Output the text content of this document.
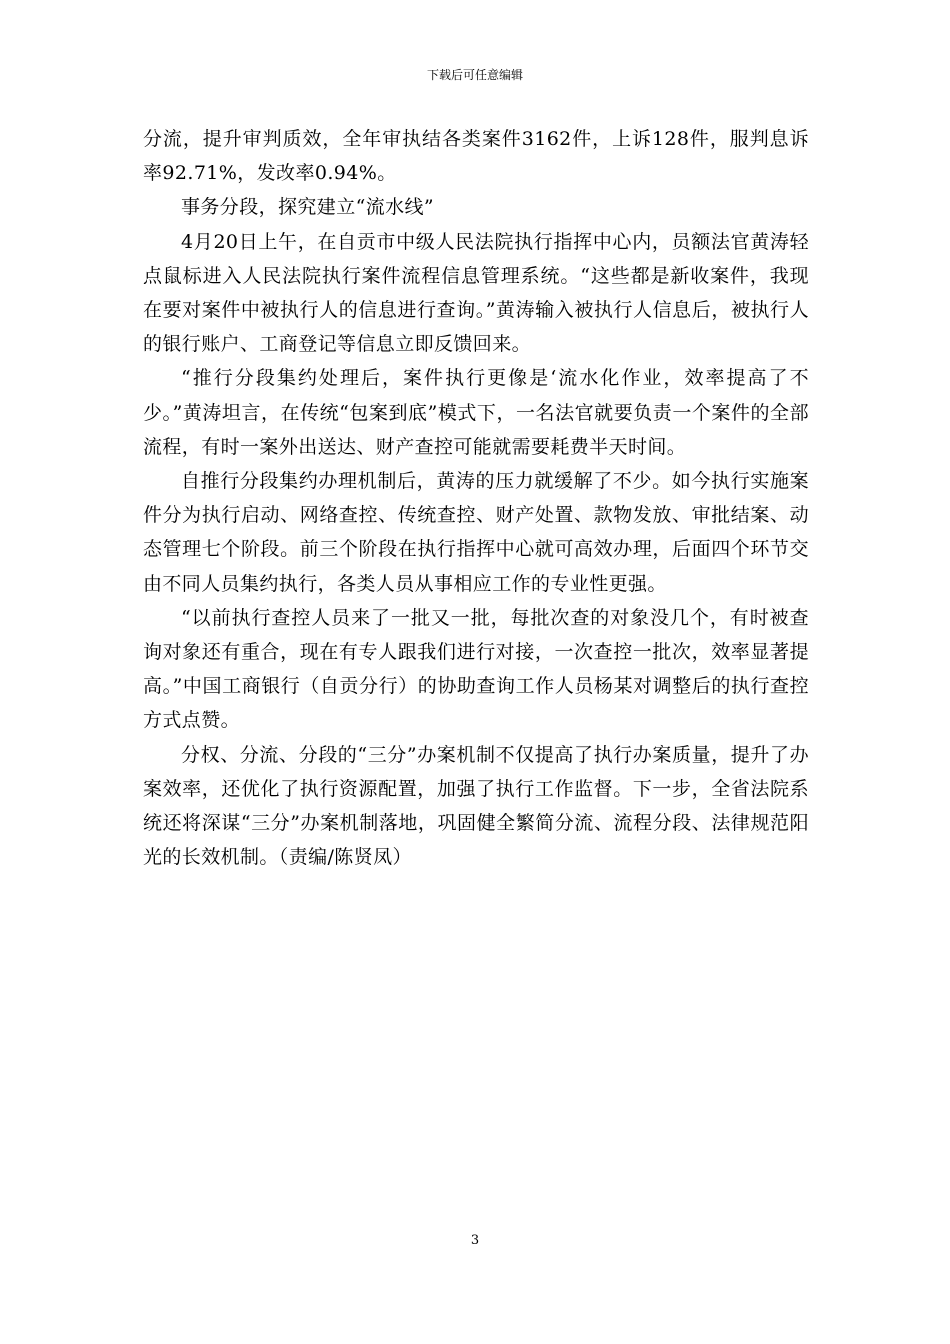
下载后可任意编辑

分流，提升审判质效，全年审执结各类案件3162件，上诉128件，服判息诉率92.71%，发改率0.94%。

事务分段，探究建立“流水线”

4月20日上午，在自贡市中级人民法院执行指挥中心内，员额法官黄涛轻点鼠标进入人民法院执行案件流程信息管理系统。“这些都是新收案件，我现在要对案件中被执行人的信息进行查询。”黄涛输入被执行人信息后，被执行人的银行账户、工商登记等信息立即反馈回来。

“推行分段集约处理后，案件执行更像是‘流水化作业，效率提高了不少。”黄涛坦言，在传统“包案到底”模式下，一名法官就要负责一个案件的全部流程，有时一案外出送达、财产查控可能就需要耗费半天时间。

自推行分段集约办理机制后，黄涛的压力就缓解了不少。如今执行实施案件分为执行启动、网络查控、传统查控、财产处置、款物发放、审批结案、动态管理七个阶段。前三个阶段在执行指挥中心就可高效办理，后面四个环节交由不同人员集约执行，各类人员从事相应工作的专业性更强。

“以前执行查控人员来了一批又一批，每批次查的对象没几个，有时被查询对象还有重合，现在有专人跟我们进行对接，一次查控一批次，效率显著提高。”中国工商银行（自贡分行）的协助查询工作人员杨某对调整后的执行查控方式点赞。

分权、分流、分段的“三分”办案机制不仅提高了执行办案质量，提升了办案效率，还优化了执行资源配置，加强了执行工作监督。下一步，全省法院系统还将深谋“三分”办案机制落地，巩固健全繁简分流、流程分段、法律规范阳光的长效机制。（责编/陈贤凤）

3
